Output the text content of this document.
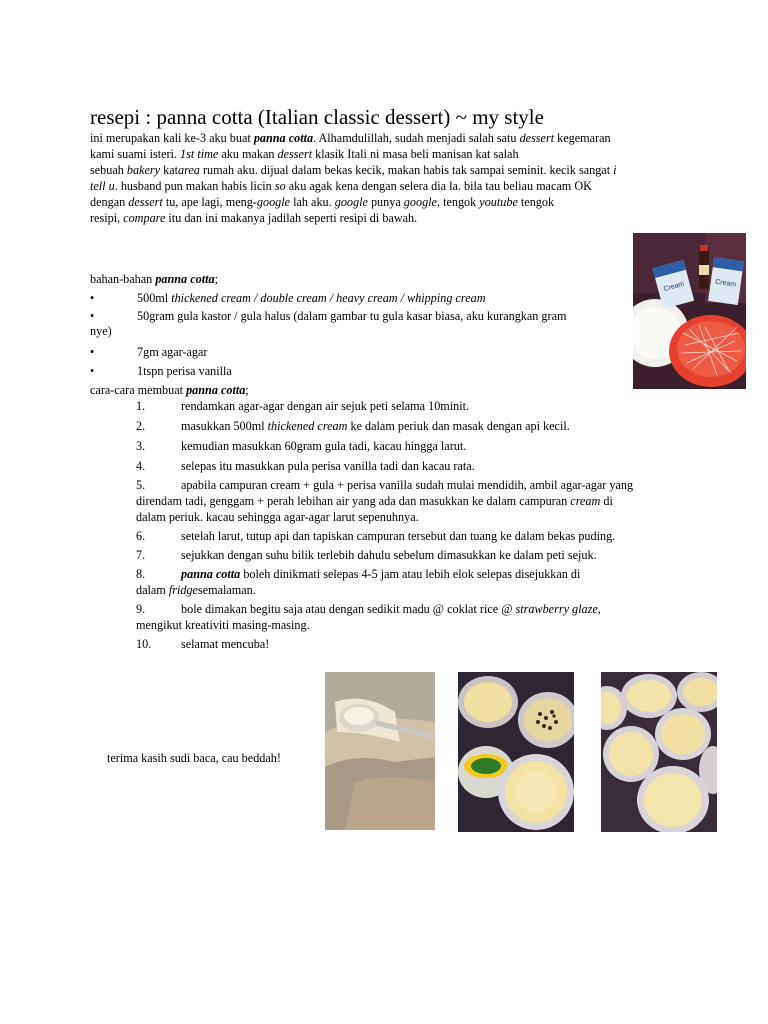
resepi : panna cotta (Italian classic dessert) ~ my style

ini merupakan kali ke-3 aku buat panna cotta. Alhamdulillah, sudah menjadi salah satu dessert kegemaran

kami suami isteri. 1st time aku makan dessert klasik Itali ni masa beli manisan kat salah

sebuah bakery katarea rumah aku. dijual dalam bekas kecik, makan habis tak sampai seminit. kecik sangat i

tell u. husband pun makan habis licin so aku agak kena dengan selera dia la. bila tau beliau macam OK

dengan dessert tu, ape lagi, meng-google lah aku. google punya google, tengok youtube tengok

resipi, compare itu dan ini makanya jadilah seperti resipi di bawah.

bahan-bahan panna cotta;
•	500ml thickened cream / double cream / heavy cream / whipping cream
•	50gram gula kastor / gula halus (dalam gambar tu gula kasar biasa, aku kurangkan gram
nye)
•	7gm agar-agar
•	1tspn perisa vanilla
cara-cara membuat panna cotta;
1.	rendamkan agar-agar dengan air sejuk peti selama 10minit.
2.	masukkan 500ml thickened cream ke dalam periuk dan masak dengan api kecil.
3.	kemudian masukkan 60gram gula tadi, kacau hingga larut.
4.	selepas itu masukkan pula perisa vanilla tadi dan kacau rata.
5.	apabila campuran cream + gula + perisa vanilla sudah mulai mendidih, ambil agar-agar yang
direndam tadi, genggam + perah lebihan air yang ada dan masukkan ke dalam campuran cream di
dalam periuk. kacau sehingga agar-agar larut sepenuhnya.
6.	setelah larut, tutup api dan tapiskan campuran tersebut dan tuang ke dalam bekas puding.
7.	sejukkan dengan suhu bilik terlebih dahulu sebelum dimasukkan ke dalam peti sejuk.
8.	panna cotta boleh dinikmati selepas 4-5 jam atau lebih elok selepas disejukkan di
dalam fridgesemalaman.
9.	bole dimakan begitu saja atau dengan sedikit madu @ coklat rice @ strawberry glaze,
mengikut kreativiti masing-masing.
10. selamat mencuba!
terima kasih sudi baca, cau beddah!
Cream	Cream
